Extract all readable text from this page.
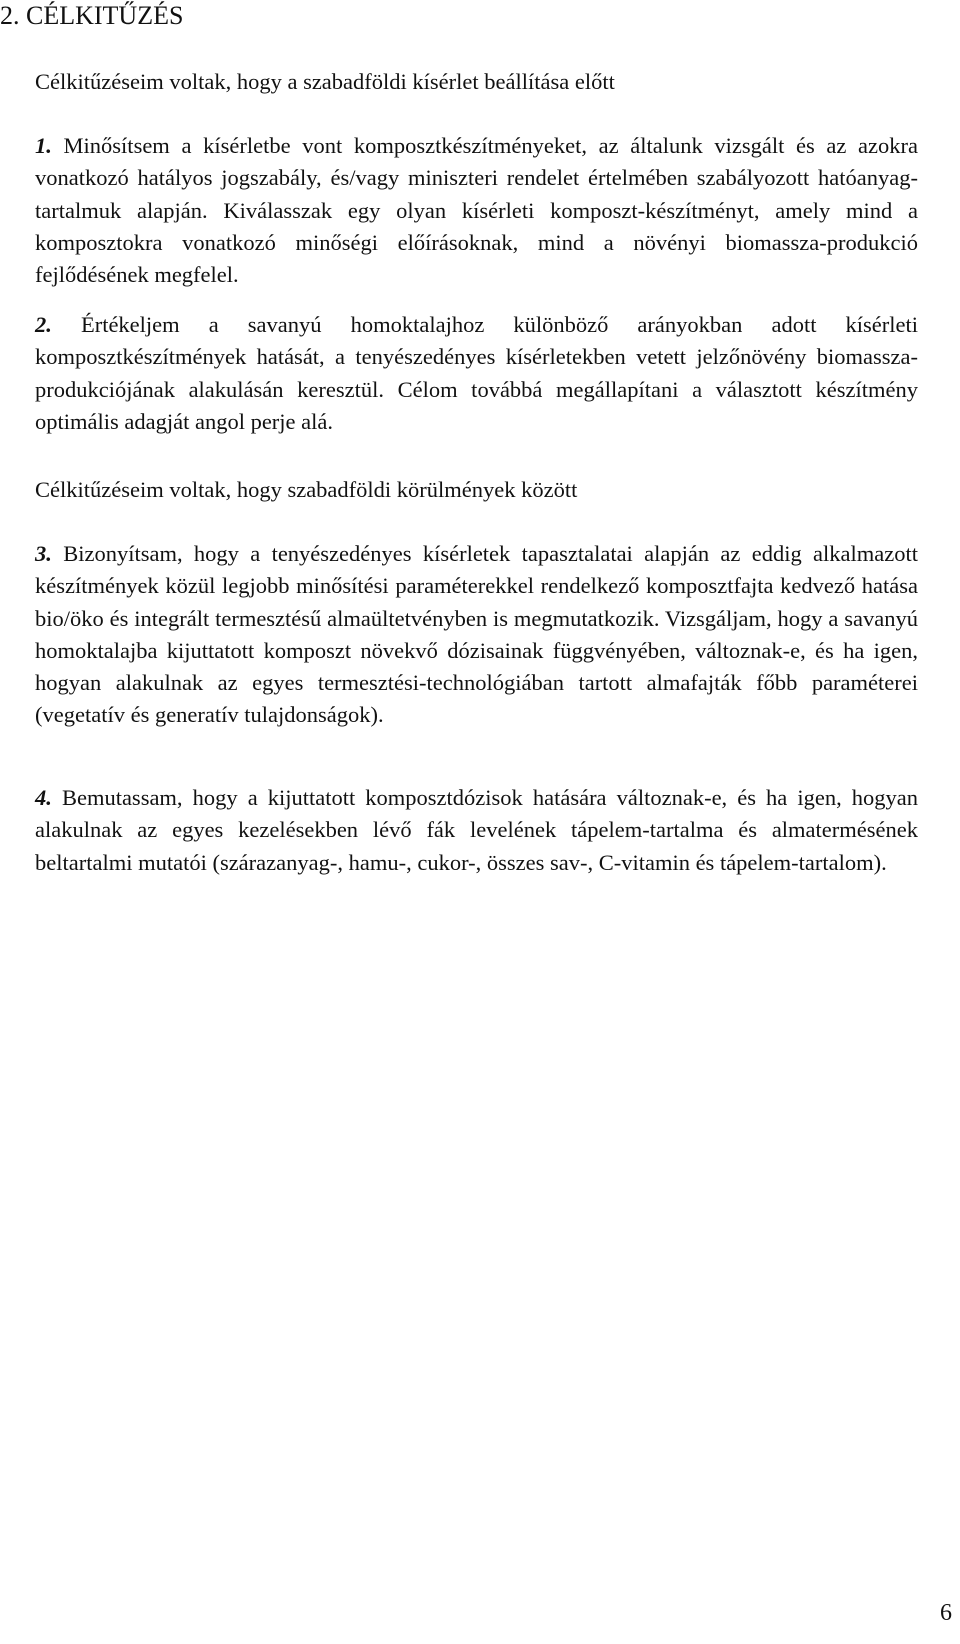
2. CÉLKITŰZÉS
Célkitűzéseim voltak, hogy a szabadföldi kísérlet beállítása előtt
1. Minősítsem a kísérletbe vont komposztkészítményeket, az általunk vizsgált és az azokra vonatkozó hatályos jogszabály, és/vagy miniszteri rendelet értelmében szabályozott hatóanyag-tartalmuk alapján. Kiválasszak egy olyan kísérleti komposzt-készítményt, amely mind a komposztokra vonatkozó minőségi előírásoknak, mind a növényi biomassza-produkció fejlődésének megfelel.
2. Értékeljem a savanyú homoktalajhoz különböző arányokban adott kísérleti komposztkészítmények hatását, a tenyészedényes kísérletekben vetett jelzőnövény biomassza-produkciójának alakulásán keresztül. Célom továbbá megállapítani a választott készítmény optimális adagját angol perje alá.
Célkitűzéseim voltak, hogy szabadföldi körülmények között
3. Bizonyítsam, hogy a tenyészedényes kísérletek tapasztalatai alapján az eddig alkalmazott készítmények közül legjobb minősítési paraméterekkel rendelkező komposztfajta kedvező hatása bio/öko és integrált termesztésű almaültetvényben is megmutatkozik. Vizsgáljam, hogy a savanyú homoktalajba kijuttatott komposzt növekvő dózisainak függvényében, változnak-e, és ha igen, hogyan alakulnak az egyes termesztési-technológiában tartott almafajták főbb paraméterei (vegetatív és generatív tulajdonságok).
4. Bemutassam, hogy a kijuttatott komposztdózisok hatására változnak-e, és ha igen, hogyan alakulnak az egyes kezelésekben lévő fák levelének tápelem-tartalma és almatermésének beltartalmi mutatói (szárazanyag-, hamu-, cukor-, összes sav-, C-vitamin és tápelem-tartalom).
6
